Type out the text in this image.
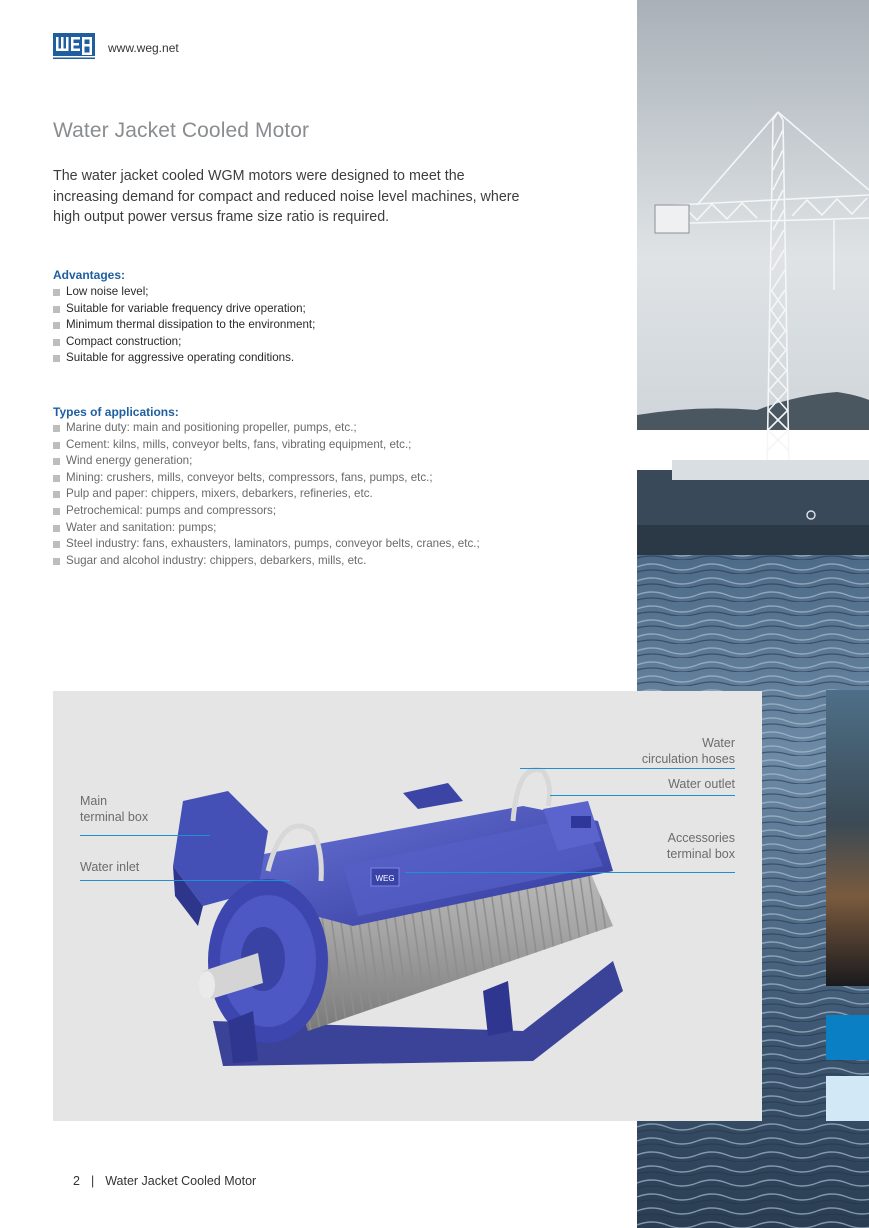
www.weg.net
Water Jacket Cooled Motor

The water jacket cooled WGM motors were designed to meet the increasing demand for compact and reduced noise level machines, where high output power versus frame size ratio is required.

Advantages:
Low noise level;
Suitable for variable frequency drive operation;
Minimum thermal dissipation to the environment;
Compact construction;
Suitable for aggressive operating conditions.
Types of applications:
Marine duty: main and positioning propeller, pumps, etc.;
Cement: kilns, mills, conveyor belts, fans, vibrating equipment, etc.;
Wind energy generation;
Mining: crushers, mills, conveyor belts, compressors, fans, pumps, etc.;
Pulp and paper: chippers, mixers, debarkers, refineries, etc.
Petrochemical: pumps and compressors;
Water and sanitation: pumps;
Steel industry: fans, exhausters, laminators, pumps, conveyor belts, cranes, etc.;
Sugar and alcohol industry: chippers, debarkers, mills, etc.
WEG
Main
terminal box
Water inlet
Water
circulation hoses
Water outlet
Accessories
terminal box
2 | Water Jacket Cooled Motor
